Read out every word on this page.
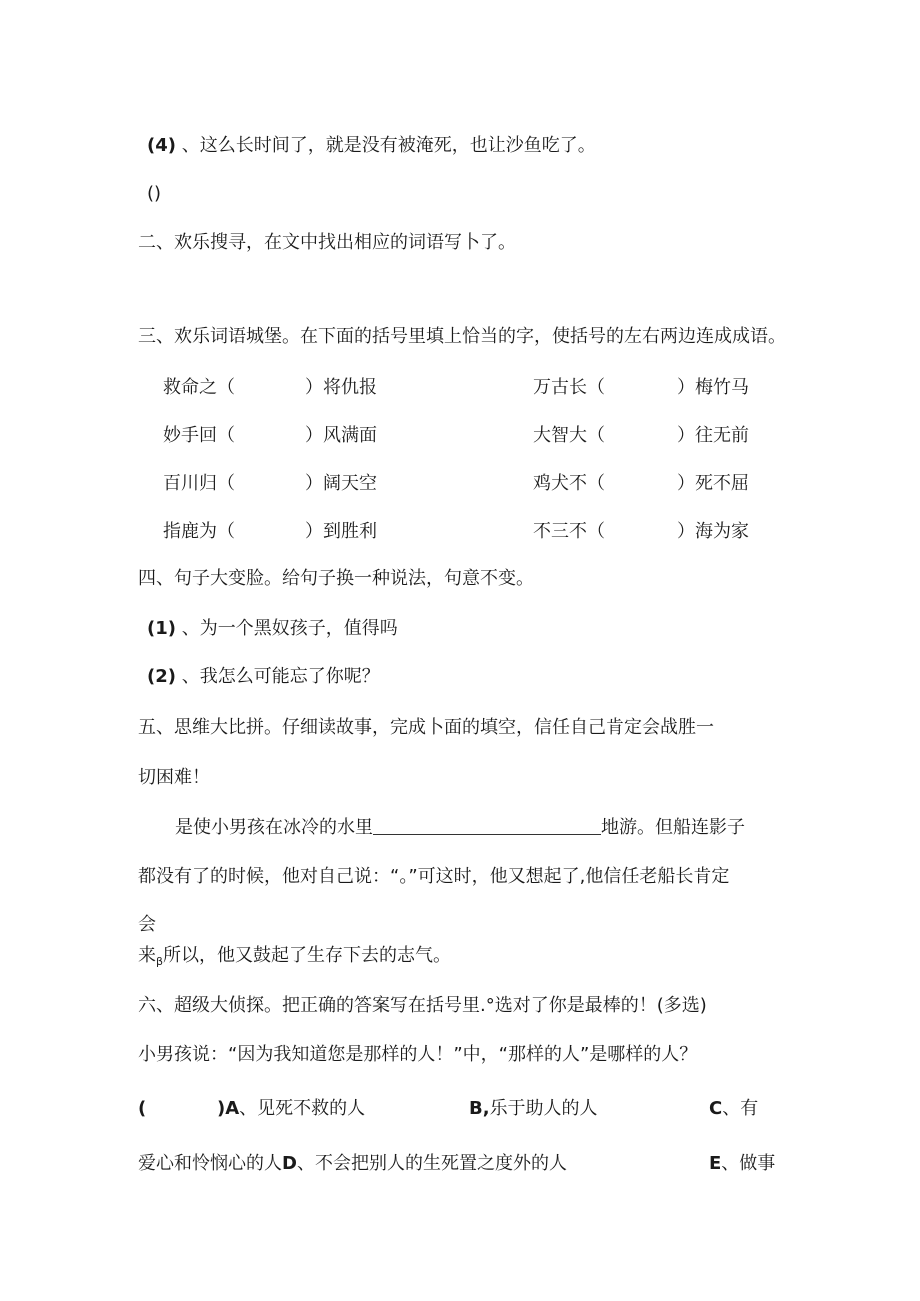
(4) 、这么长时间了，就是没有被淹死，也让沙鱼吃了。
()
二、欢乐搜寻，在文中找出相应的词语写卜了。
三、欢乐词语城堡。在下面的括号里填上恰当的字，使括号的左右两边连成成语。
救命之（	）将仇报	万古长（	）梅竹马
妙手回（	）风满面	大智大（	）往无前
百川归（	）阔天空	鸡犬不（	）死不屈
指鹿为（	）到胜利	不三不（	）海为家
四、句子大变脸。给句子换一种说法，句意不变。
(1) 、为一个黑奴孩子，值得吗
(2) 、我怎么可能忘了你呢？
五、思维大比拼。仔细读故事，完成卜面的填空，信任自己肯定会战胜一
切困难！
是使小男孩在冰冷的水里	地游。但船连影子
都没有了的时候，他对自己说：“。”可这时，他又想起了,他信任老船长肯定
会
来$_\beta$所以，他又鼓起了生存下去的志气。
六、超级大侦探。把正确的答案写在括号里.°选对了你是最棒的！(多选)
小男孩说：“因为我知道您是那样的人！”中，“那样的人”是哪样的人？
(	)A、见死不救的人	B,乐于助人的人	C、有
爱心和怜悯心的人D、不会把别人的生死置之度外的人	E、做事
